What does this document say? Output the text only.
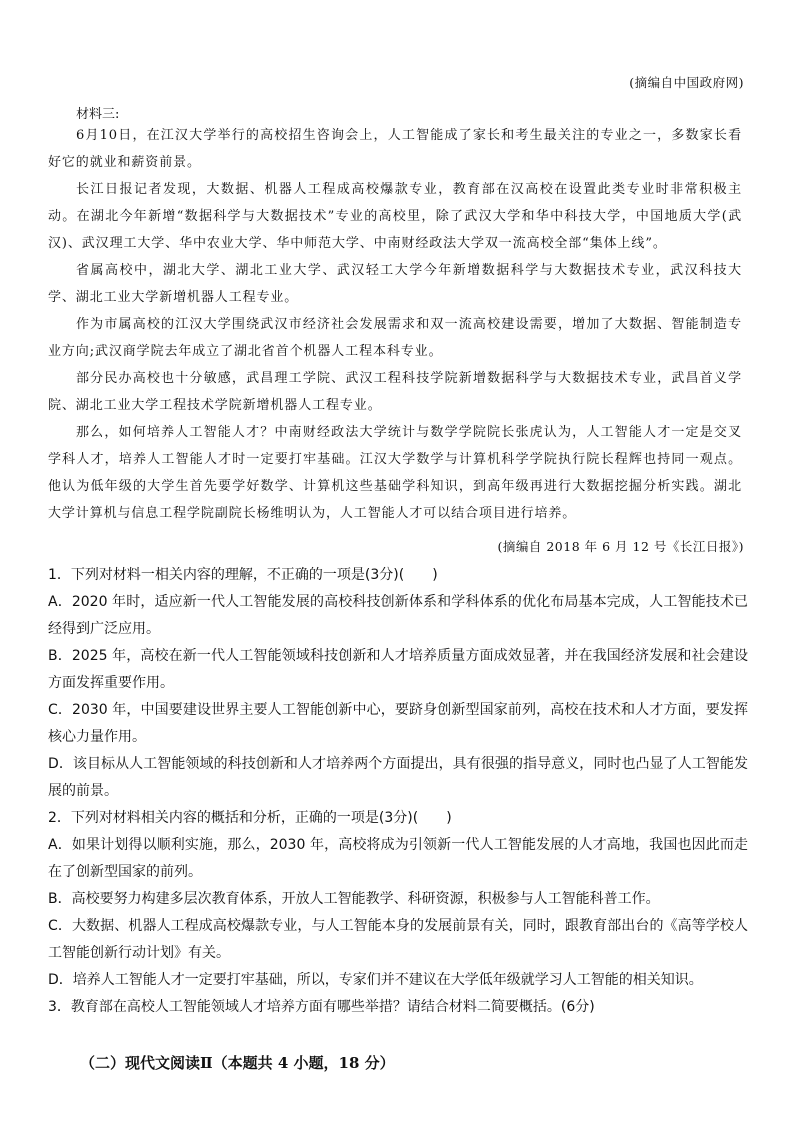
(摘编自中国政府网)
材料三:

6月10日，在江汉大学举行的高校招生咨询会上，人工智能成了家长和考生最关注的专业之一，多数家长看好它的就业和薪资前景。

长江日报记者发现，大数据、机器人工程成高校爆款专业，教育部在汉高校在设置此类专业时非常积极主动。在湖北今年新增“数据科学与大数据技术”专业的高校里，除了武汉大学和华中科技大学，中国地质大学(武汉)、武汉理工大学、华中农业大学、华中师范大学、中南财经政法大学双一流高校全部“集体上线”。

省属高校中，湖北大学、湖北工业大学、武汉轻工大学今年新增数据科学与大数据技术专业，武汉科技大学、湖北工业大学新增机器人工程专业。

作为市属高校的江汉大学围绕武汉市经济社会发展需求和双一流高校建设需要，增加了大数据、智能制造专业方向;武汉商学院去年成立了湖北省首个机器人工程本科专业。

部分民办高校也十分敏感，武昌理工学院、武汉工程科技学院新增数据科学与大数据技术专业，武昌首义学院、湖北工业大学工程技术学院新增机器人工程专业。

那么，如何培养人工智能人才？中南财经政法大学统计与数学学院院长张虎认为，人工智能人才一定是交叉学科人才，培养人工智能人才时一定要打牢基础。江汉大学数学与计算机科学学院执行院长程辉也持同一观点。他认为低年级的大学生首先要学好数学、计算机这些基础学科知识，到高年级再进行大数据挖掘分析实践。湖北大学计算机与信息工程学院副院长杨维明认为，人工智能人才可以结合项目进行培养。

(摘编自 2018 年 6 月 12 号《长江日报》)

1．下列对材料一相关内容的理解，不正确的一项是(3分)(　　)

A．2020 年时，适应新一代人工智能发展的高校科技创新体系和学科体系的优化布局基本完成，人工智能技术已经得到广泛应用。

B．2025 年，高校在新一代人工智能领域科技创新和人才培养质量方面成效显著，并在我国经济发展和社会建设方面发挥重要作用。

C．2030 年，中国要建设世界主要人工智能创新中心，要跻身创新型国家前列，高校在技术和人才方面，要发挥核心力量作用。

D．该目标从人工智能领域的科技创新和人才培养两个方面提出，具有很强的指导意义，同时也凸显了人工智能发展的前景。

2．下列对材料相关内容的概括和分析，正确的一项是(3分)(　　)

A．如果计划得以顺利实施，那么，2030 年，高校将成为引领新一代人工智能发展的人才高地，我国也因此而走在了创新型国家的前列。

B．高校要努力构建多层次教育体系，开放人工智能教学、科研资源，积极参与人工智能科普工作。

C．大数据、机器人工程成高校爆款专业，与人工智能本身的发展前景有关，同时，跟教育部出台的《高等学校人工智能创新行动计划》有关。

D．培养人工智能人才一定要打牢基础，所以，专家们并不建议在大学低年级就学习人工智能的相关知识。

3．教育部在高校人工智能领域人才培养方面有哪些举措？请结合材料二简要概括。(6分)

（二）现代文阅读Ⅱ（本题共 4 小题，18 分）
